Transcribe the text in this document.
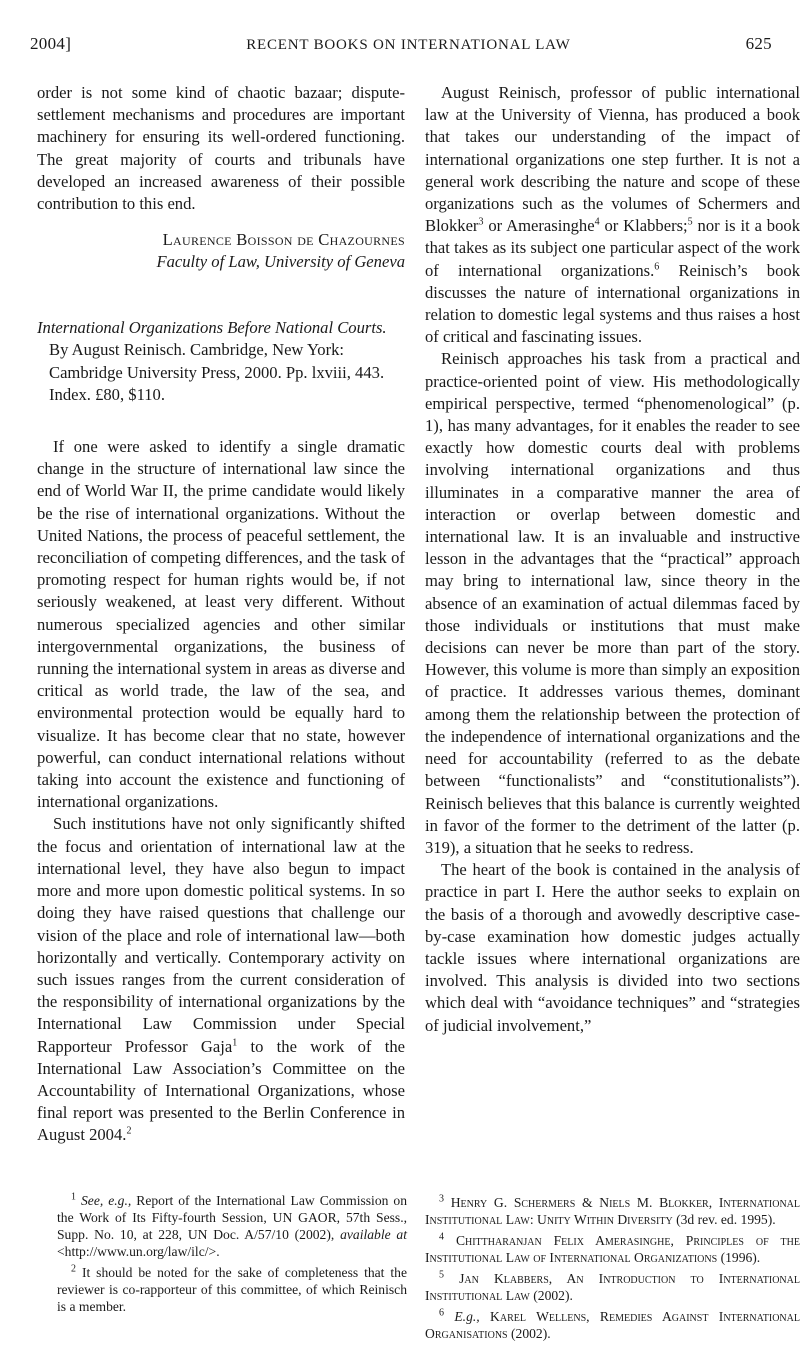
2004]	RECENT BOOKS ON INTERNATIONAL LAW	625

order is not some kind of chaotic bazaar; dispute-settlement mechanisms and procedures are important machinery for ensuring its well-ordered functioning. The great majority of courts and tribunals have developed an increased awareness of their possible contribution to this end.

Laurence Boisson de Chazournes
Faculty of Law, University of Geneva

International Organizations Before National Courts.
By August Reinisch. Cambridge, New York: Cambridge University Press, 2000. Pp. lxviii, 443. Index. £80, $110.

If one were asked to identify a single dramatic change in the structure of international law since the end of World War II, the prime candidate would likely be the rise of international organizations. Without the United Nations, the process of peaceful settlement, the reconciliation of competing differences, and the task of promoting respect for human rights would be, if not seriously weakened, at least very different. Without numerous specialized agencies and other similar intergovernmental organizations, the business of running the international system in areas as diverse and critical as world trade, the law of the sea, and environmental protection would be equally hard to visualize. It has become clear that no state, however powerful, can conduct international relations without taking into account the existence and functioning of international organizations.

Such institutions have not only significantly shifted the focus and orientation of international law at the international level, they have also begun to impact more and more upon domestic political systems. In so doing they have raised questions that challenge our vision of the place and role of international law—both horizontally and vertically. Contemporary activity on such issues ranges from the current consideration of the responsibility of international organizations by the International Law Commission under Special Rapporteur Professor Gaja$^1$ to the work of the International Law Association’s Committee on the Accountability of International Organizations, whose final report was presented to the Berlin Conference in August 2004.$^2$

$^1$ See, e.g., Report of the International Law Commission on the Work of Its Fifty-fourth Session, UN GAOR, 57th Sess., Supp. No. 10, at 228, UN Doc. A/57/10 (2002), available at <http://www.un.org/law/ilc/>.

$^2$ It should be noted for the sake of completeness that the reviewer is co-rapporteur of this committee, of which Reinisch is a member.

August Reinisch, professor of public international law at the University of Vienna, has produced a book that takes our understanding of the impact of international organizations one step further. It is not a general work describing the nature and scope of these organizations such as the volumes of Schermers and Blokker$^3$ or Amerasinghe$^4$ or Klabbers;$^5$ nor is it a book that takes as its subject one particular aspect of the work of international organizations.$^6$ Reinisch’s book discusses the nature of international organizations in relation to domestic legal systems and thus raises a host of critical and fascinating issues.

Reinisch approaches his task from a practical and practice-oriented point of view. His methodologically empirical perspective, termed “phenomenological” (p. 1), has many advantages, for it enables the reader to see exactly how domestic courts deal with problems involving international organizations and thus illuminates in a comparative manner the area of interaction or overlap between domestic and international law. It is an invaluable and instructive lesson in the advantages that the “practical” approach may bring to international law, since theory in the absence of an examination of actual dilemmas faced by those individuals or institutions that must make decisions can never be more than part of the story. However, this volume is more than simply an exposition of practice. It addresses various themes, dominant among them the relationship between the protection of the independence of international organizations and the need for accountability (referred to as the debate between “functionalists” and “constitutionalists”). Reinisch believes that this balance is currently weighted in favor of the former to the detriment of the latter (p. 319), a situation that he seeks to redress.

The heart of the book is contained in the analysis of practice in part I. Here the author seeks to explain on the basis of a thorough and avowedly descriptive case-by-case examination how domestic judges actually tackle issues where international organizations are involved. This analysis is divided into two sections which deal with “avoidance techniques” and “strategies of judicial involvement,”

$^3$ Henry G. Schermers & Niels M. Blokker, International Institutional Law: Unity Within Diversity (3d rev. ed. 1995).

$^4$ Chittharanjan Felix Amerasinghe, Principles of the Institutional Law of International Organizations (1996).

$^5$ Jan Klabbers, An Introduction to International Institutional Law (2002).

$^6$ E.g., Karel Wellens, Remedies Against International Organisations (2002).
